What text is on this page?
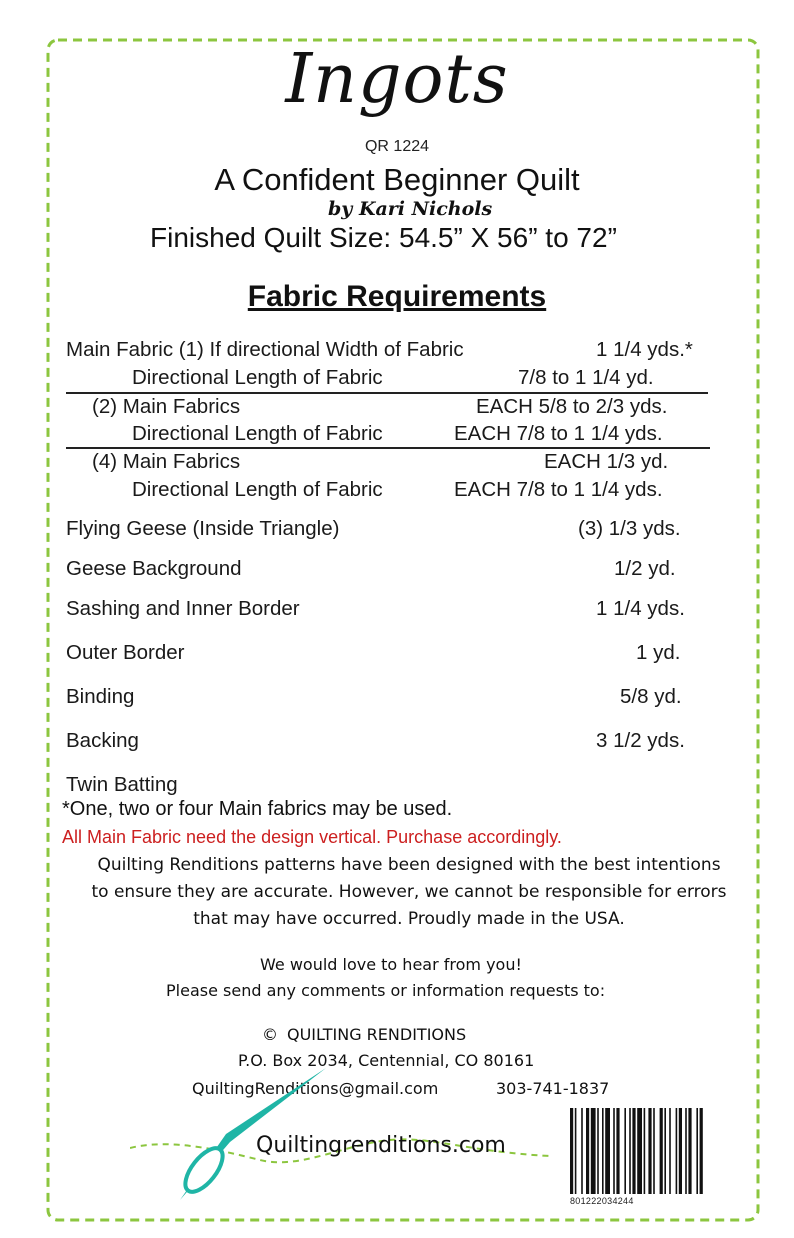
Ingots
QR 1224
A Confident Beginner Quilt
by Kari Nichols
Finished Quilt Size: 54.5” X 56” to 72”
Fabric Requirements
Main Fabric (1) If directional Width of Fabric	1 1/4 yds.*
Directional Length of Fabric	7/8 to 1 1/4 yd.
(2) Main Fabrics	EACH 5/8 to 2/3 yds.
Directional Length of Fabric	EACH 7/8 to 1 1/4 yds.
(4) Main Fabrics	EACH 1/3 yd.
Directional Length of Fabric	EACH 7/8 to 1 1/4 yds.
Flying Geese (Inside Triangle)	(3) 1/3 yds.
Geese Background	1/2 yd.
Sashing and Inner Border	1 1/4 yds.
Outer Border	1 yd.
Binding	5/8 yd.
Backing	3 1/2 yds.
Twin Batting
*One, two or four Main fabrics may be used.
All Main Fabric need the design vertical. Purchase accordingly.
Quilting Renditions patterns have been designed with the best intentions
to ensure they are accurate. However, we cannot be responsible for errors
that may have occurred. Proudly made in the USA.
We would love to hear from you!
Please send any comments or information requests to:
© QUILTING RENDITIONS
P.O. Box 2034, Centennial, CO 80161
QuiltingRenditions@gmail.com	303-741-1837
Quiltingrenditions.com
801222034244
